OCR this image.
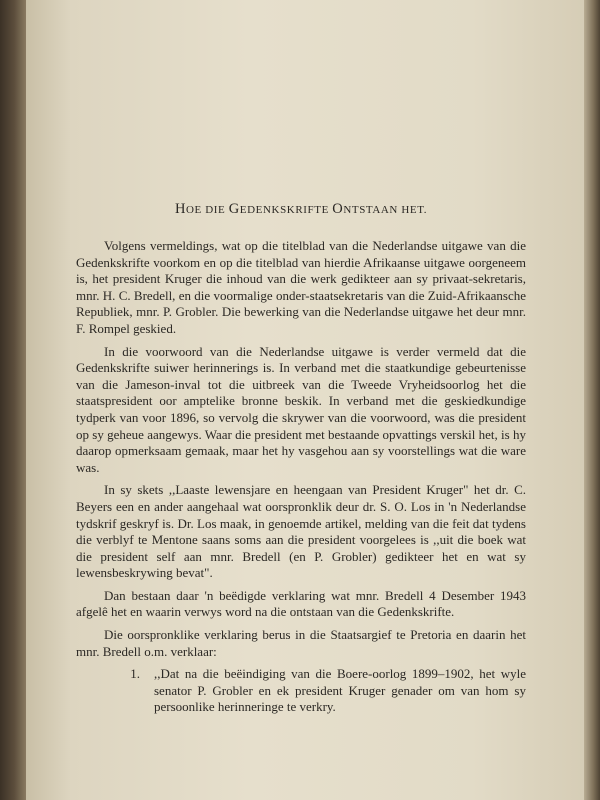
HOE DIE GEDENKSKRIFTE ONTSTAAN HET.

Volgens vermeldings, wat op die titelblad van die Nederlandse uitgawe van die Gedenkskrifte voorkom en op die titelblad van hierdie Afrikaanse uitgawe oorgeneem is, het president Kruger die inhoud van die werk gedikteer aan sy privaat-sekretaris, mnr. H. C. Bredell, en die voormalige onder-staatsekretaris van die Zuid-Afrikaansche Republiek, mnr. P. Grobler. Die bewerking van die Nederlandse uitgawe het deur mnr. F. Rompel geskied.

In die voorwoord van die Nederlandse uitgawe is verder vermeld dat die Gedenkskrifte suiwer herinnerings is. In verband met die staatkundige gebeurtenisse van die Jameson-inval tot die uitbreek van die Tweede Vryheidsoorlog het die staatspresident oor amptelike bronne beskik. In verband met die geskiedkundige tydperk van voor 1896, so vervolg die skrywer van die voorwoord, was die president op sy geheue aangewys. Waar die president met bestaande opvattings verskil het, is hy daarop opmerksaam gemaak, maar het hy vasgehou aan sy voorstellings wat die ware was.

In sy skets ,,Laaste lewensjare en heengaan van President Kruger" het dr. C. Beyers een en ander aangehaal wat oorspronklik deur dr. S. O. Los in 'n Nederlandse tydskrif geskryf is. Dr. Los maak, in genoemde artikel, melding van die feit dat tydens die verblyf te Mentone saans soms aan die president voorgelees is ,,uit die boek wat die president self aan mnr. Bredell (en P. Grobler) gedikteer het en wat sy lewensbeskrywing bevat".

Dan bestaan daar 'n beëdigde verklaring wat mnr. Bredell 4 Desember 1943 afgelê het en waarin verwys word na die ontstaan van die Gedenkskrifte.

Die oorspronklike verklaring berus in die Staatsargief te Pretoria en daarin het mnr. Bredell o.m. verklaar:

1.	,,Dat na die beëindiging van die Boere-oorlog 1899–1902, het wyle senator P. Grobler en ek president Kruger genader om van hom sy persoonlike herinneringe te verkry.
